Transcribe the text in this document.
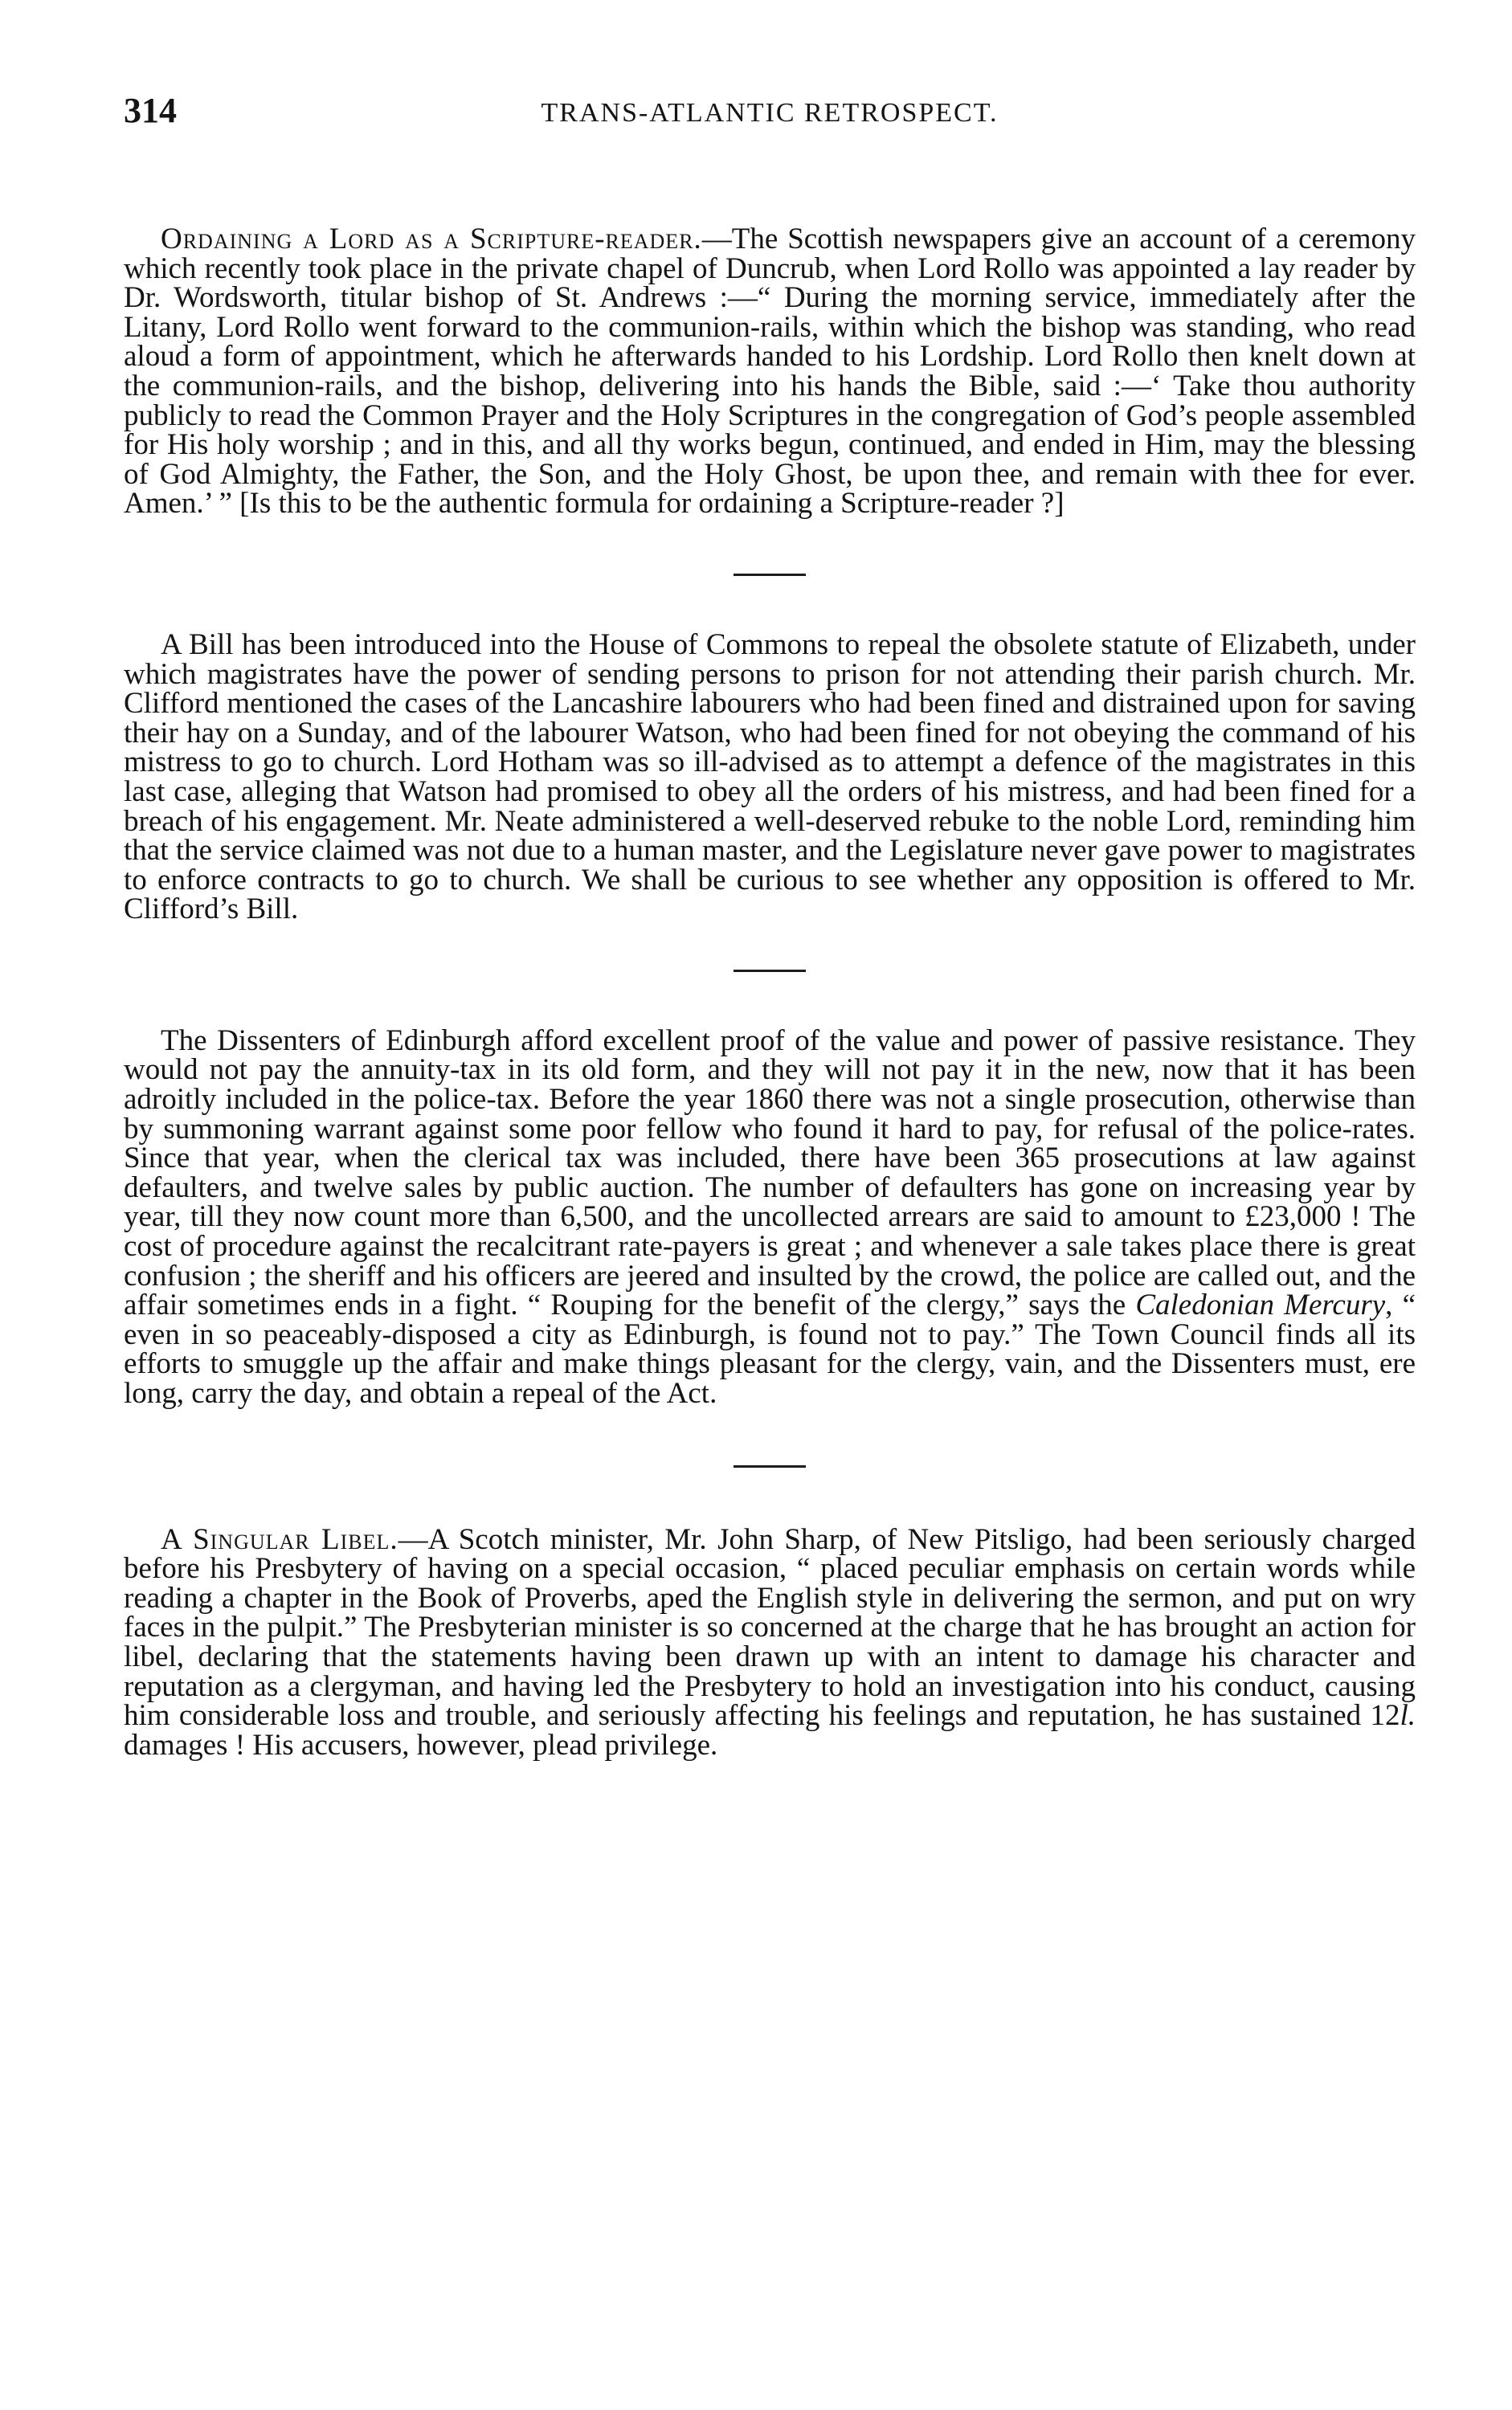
314	TRANS-ATLANTIC RETROSPECT.

Ordaining a Lord as a Scripture-reader.—The Scottish newspapers give an account of a ceremony which recently took place in the private chapel of Duncrub, when Lord Rollo was appointed a lay reader by Dr. Wordsworth, titular bishop of St. Andrews :—“ During the morning service, immediately after the Litany, Lord Rollo went forward to the communion-rails, within which the bishop was standing, who read aloud a form of appointment, which he afterwards handed to his Lordship. Lord Rollo then knelt down at the communion-rails, and the bishop, delivering into his hands the Bible, said :—‘ Take thou authority publicly to read the Common Prayer and the Holy Scriptures in the congregation of God’s people assembled for His holy worship ; and in this, and all thy works begun, continued, and ended in Him, may the blessing of God Almighty, the Father, the Son, and the Holy Ghost, be upon thee, and remain with thee for ever. Amen.’ ” [Is this to be the authentic formula for ordaining a Scripture-reader ?]

A Bill has been introduced into the House of Commons to repeal the obsolete statute of Elizabeth, under which magistrates have the power of sending persons to prison for not attending their parish church. Mr. Clifford mentioned the cases of the Lancashire labourers who had been fined and distrained upon for saving their hay on a Sunday, and of the labourer Watson, who had been fined for not obeying the command of his mistress to go to church. Lord Hotham was so ill-advised as to attempt a defence of the magistrates in this last case, alleging that Watson had promised to obey all the orders of his mistress, and had been fined for a breach of his engagement. Mr. Neate administered a well-deserved rebuke to the noble Lord, reminding him that the service claimed was not due to a human master, and the Legislature never gave power to magistrates to enforce contracts to go to church. We shall be curious to see whether any opposition is offered to Mr. Clifford’s Bill.

The Dissenters of Edinburgh afford excellent proof of the value and power of passive resistance. They would not pay the annuity-tax in its old form, and they will not pay it in the new, now that it has been adroitly included in the police-tax. Before the year 1860 there was not a single prosecution, otherwise than by summoning warrant against some poor fellow who found it hard to pay, for refusal of the police-rates. Since that year, when the clerical tax was included, there have been 365 prosecutions at law against defaulters, and twelve sales by public auction. The number of defaulters has gone on increasing year by year, till they now count more than 6,500, and the uncollected arrears are said to amount to £23,000 ! The cost of procedure against the recalcitrant rate-payers is great ; and whenever a sale takes place there is great confusion ; the sheriff and his officers are jeered and insulted by the crowd, the police are called out, and the affair sometimes ends in a fight. “ Rouping for the benefit of the clergy,” says the Caledonian Mercury, “ even in so peaceably-disposed a city as Edinburgh, is found not to pay.” The Town Council finds all its efforts to smuggle up the affair and make things pleasant for the clergy, vain, and the Dissenters must, ere long, carry the day, and obtain a repeal of the Act.

A Singular Libel.—A Scotch minister, Mr. John Sharp, of New Pitsligo, had been seriously charged before his Presbytery of having on a special occasion, “ placed peculiar emphasis on certain words while reading a chapter in the Book of Proverbs, aped the English style in delivering the sermon, and put on wry faces in the pulpit.” The Presbyterian minister is so concerned at the charge that he has brought an action for libel, declaring that the statements having been drawn up with an intent to damage his character and reputation as a clergyman, and having led the Presbytery to hold an investigation into his conduct, causing him considerable loss and trouble, and seriously affecting his feelings and reputation, he has sustained 12l. damages ! His accusers, however, plead privilege.
